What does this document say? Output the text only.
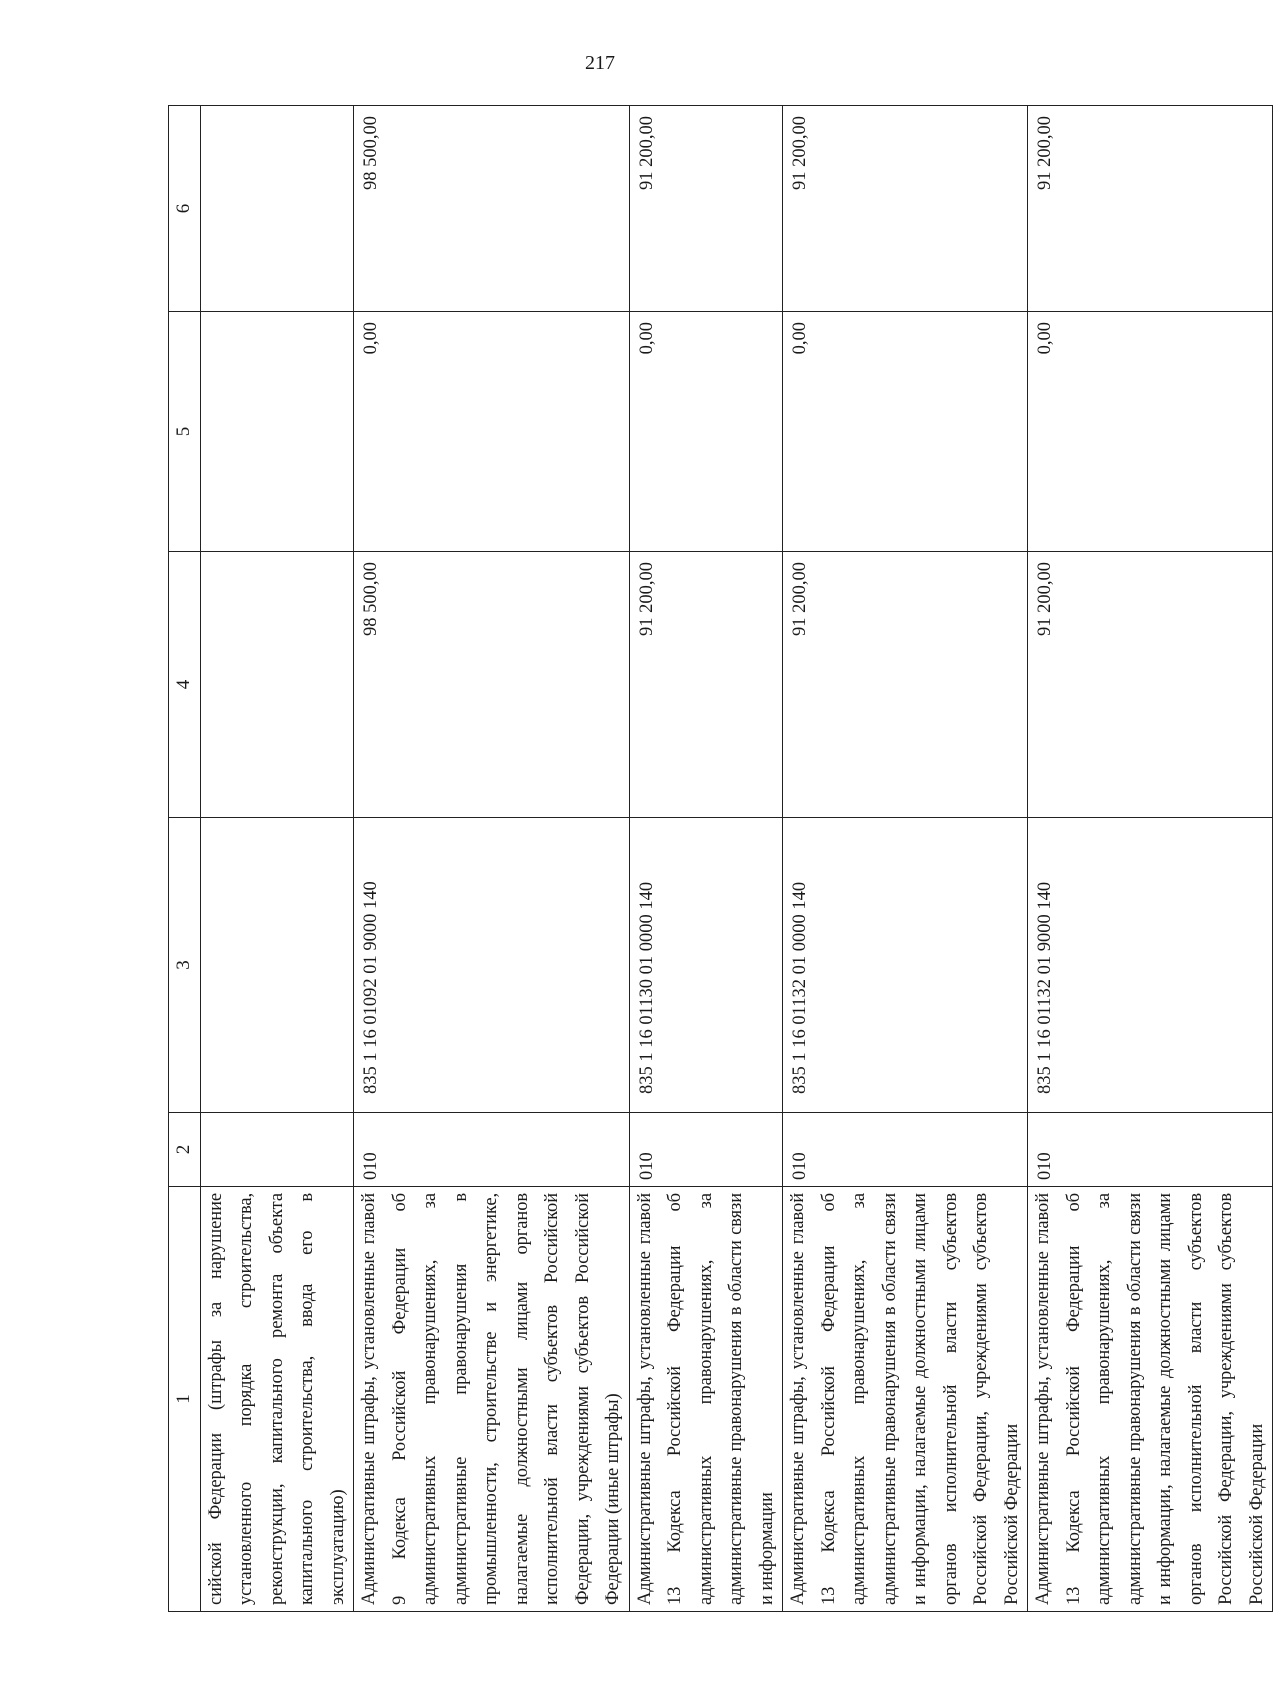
217
1	2	3	4	5	6
сийской Федерации (штрафы за нарушение установленного порядка строительства, реконструкции, капитального ремонта объекта капитального строительства, ввода его в эксплуатацию)					
Административные штрафы, установленные главой 9 Кодекса Российской Федерации об административных правонарушениях, за административные правонарушения в промышленности, строительстве и энергетике, налагаемые должностными лицами органов исполнительной власти субъектов Российской Федерации, учреждениями субъектов Российской Федерации (иные штрафы)	010	835 1 16 01092 01 9000 140	98 500,00	0,00	98 500,00
Административные штрафы, установленные главой 13 Кодекса Российской Федерации об административных правонарушениях, за административные правонарушения в области связи и информации	010	835 1 16 01130 01 0000 140	91 200,00	0,00	91 200,00
Административные штрафы, установленные главой 13 Кодекса Российской Федерации об административных правонарушениях, за административные правонарушения в области связи и информации, налагаемые должностными лицами органов исполнительной власти субъектов Российской Федерации, учреждениями субъектов Российской Федерации	010	835 1 16 01132 01 0000 140	91 200,00	0,00	91 200,00
Административные штрафы, установленные главой 13 Кодекса Российской Федерации об административных правонарушениях, за административные правонарушения в области связи и информации, налагаемые должностными лицами органов исполнительной власти субъектов Российской Федерации, учреждениями субъектов Российской Федерации	010	835 1 16 01132 01 9000 140	91 200,00	0,00	91 200,00
